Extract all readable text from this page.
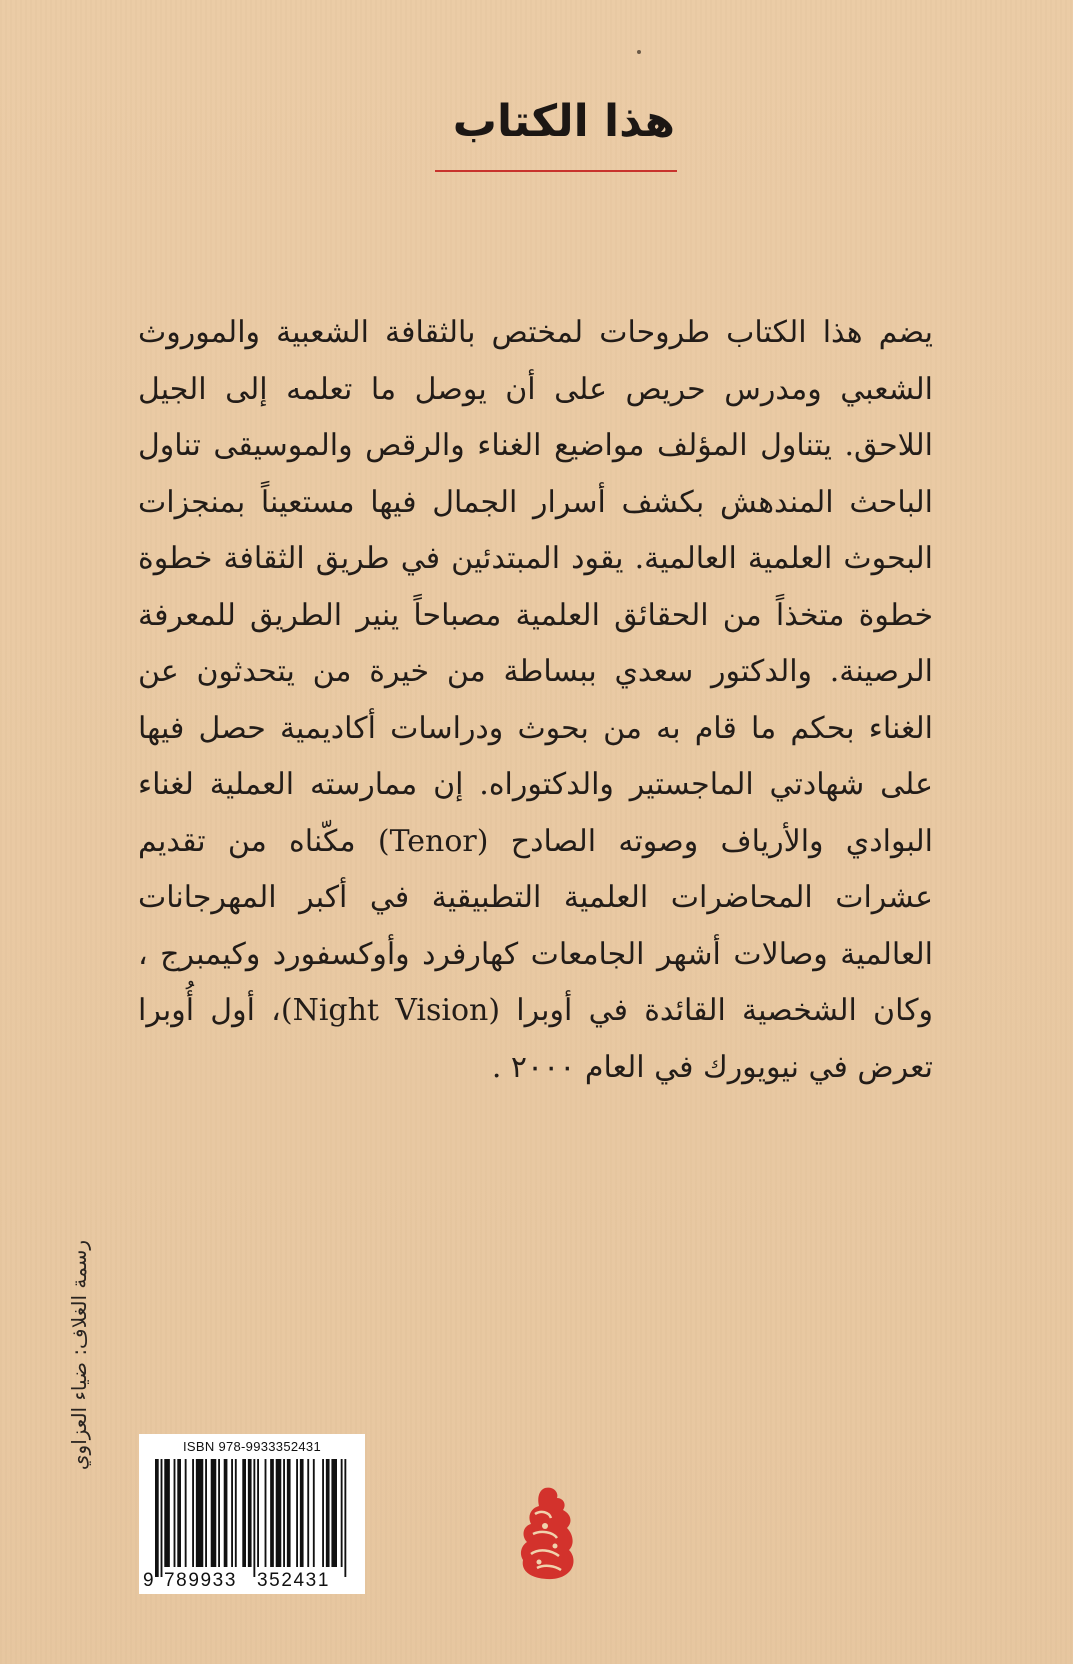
هذا الكتاب

يضم هذا الكتاب طروحات لمختص بالثقافة الشعبية والموروث الشعبي ومدرس حريص على أن يوصل ما تعلمه إلى الجيل اللاحق. يتناول المؤلف مواضيع الغناء والرقص والموسيقى تناول الباحث المندهش بكشف أسرار الجمال فيها مستعيناً بمنجزات البحوث العلمية العالمية. يقود المبتدئين في طريق الثقافة خطوة خطوة متخذاً من الحقائق العلمية مصباحاً ينير الطريق للمعرفة الرصينة. والدكتور سعدي ببساطة من خيرة من يتحدثون عن الغناء بحكم ما قام به من بحوث ودراسات أكاديمية حصل فيها على شهادتي الماجستير والدكتوراه. إن ممارسته العملية لغناء البوادي والأرياف وصوته الصادح (Tenor) مكّناه من تقديم عشرات المحاضرات العلمية التطبيقية في أكبر المهرجانات العالمية وصالات أشهر الجامعات كهارفرد وأوكسفورد وكيمبرج ، وكان الشخصية القائدة في أوبرا (Night Vision)، أول أُوبرا تعرض في نيويورك في العام ٢٠٠٠ .

رسمة الغلاف: ضياء العزاوي	ISBN 978-9933352431
9 789933 352431
